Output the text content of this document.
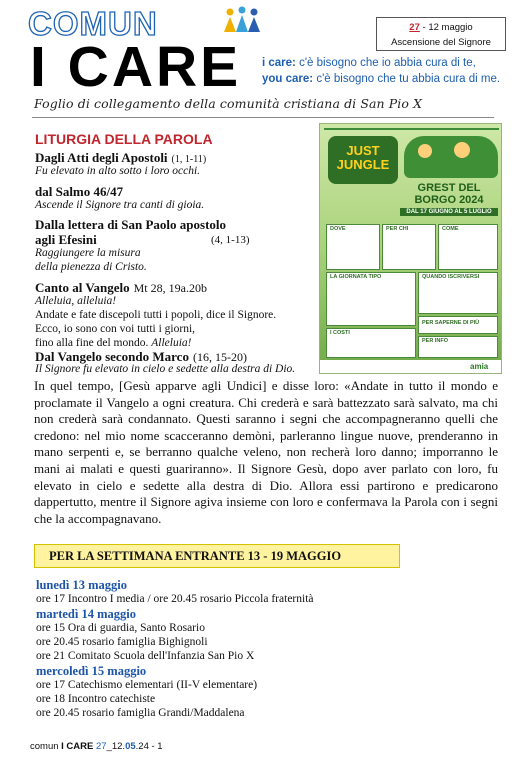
COMUN
I CARE
27 - 12 maggio
Ascensione del Signore
i care: c'è bisogno che io abbia cura di te,
you care: c'è bisogno che tu abbia cura di me.
Foglio di collegamento della comunità cristiana di San Pio X
LITURGIA DELLA PAROLA
Dagli Atti degli Apostoli (1, 1-11)
Fu elevato in alto sotto i loro occhi.
dal Salmo 46/47
Ascende il Signore tra canti di gioia.
Dalla lettera di San Paolo apostolo
agli Efesini	(4, 1-13)
Raggiungere la misura
della pienezza di Cristo.
Canto al Vangelo Mt 28, 19a.20b
Alleluia, alleluia!
Andate e fate discepoli tutti i popoli, dice il Signore.
Ecco, io sono con voi tutti i giorni,
fino alla fine del mondo. Alleluia!
Dal Vangelo secondo Marco (16, 15-20)
Il Signore fu elevato in cielo e sedette alla destra di Dio.
JUST JUNGLE
GREST DEL
BORGO 2024
DAL 17 GIUGNO AL 5 LUGLIO
DOVE	PER CHI	COME
LA GIORNATA TIPO	QUANDO ISCRIVERSI
PER SAPERNE DI PIÙ
I COSTI
PER INFO
amia
In quel tempo, [Gesù apparve agli Undici] e disse loro: «Andate in tutto il mondo e proclamate il Vangelo a ogni creatura. Chi crederà e sarà battezzato sarà salvato, ma chi non crederà sarà condannato. Questi saranno i segni che accompagneranno quelli che credono: nel mio nome scacceranno demòni, parleranno lingue nuove, prenderanno in mano serpenti e, se berranno qualche veleno, non recherà loro danno; imporranno le mani ai malati e questi guariranno». Il Signore Gesù, dopo aver parlato con loro, fu elevato in cielo e sedette alla destra di Dio. Allora essi partirono e predicarono dappertutto, mentre il Signore agiva insieme con loro e confermava la Parola con i segni che la accompagnavano.
PER LA SETTIMANA ENTRANTE 13 - 19 MAGGIO
lunedì 13 maggio
ore 17 Incontro I media / ore 20.45 rosario Piccola fraternità
martedì 14 maggio
ore 15 Ora di guardia, Santo Rosario
ore 20.45 rosario famiglia Bighignoli
ore 21 Comitato Scuola dell'Infanzia San Pio X
mercoledì 15 maggio
ore 17 Catechismo elementari (II-V elementare)
ore 18 Incontro catechiste
ore 20.45 rosario famiglia Grandi/Maddalena
comun I CARE 27_12.05.24 - 1
